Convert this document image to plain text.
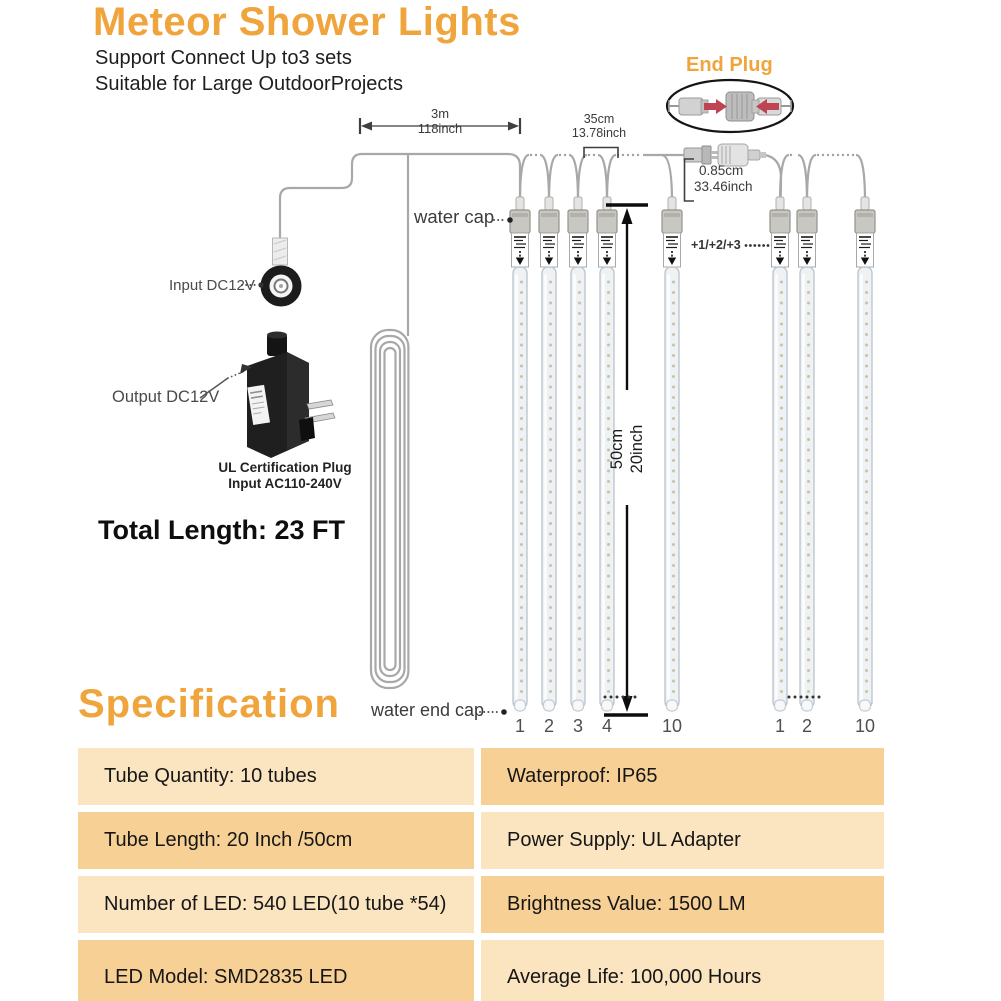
Meteor Shower Lights
Support Connect Up to3 sets
Suitable for Large OutdoorProjects
End Plug
3m
118inch
35cm
13.78inch
0.85cm
33.46inch
50cm 20inch
water cap
water end cap
Input DC12V
Output DC12V
UL Certification Plug
Input AC110-240V
Total Length: 23 FT
+1/+2/+3
1	2	3	4	10	1 2	10
Specification
Tube Quantity: 10 tubes	Waterproof: IP65
Tube Length: 20 Inch /50cm	Power Supply: UL Adapter
Number of LED: 540 LED(10 tube *54)	Brightness Value: 1500 LM
LED Model: SMD2835 LED	Average Life: 100,000 Hours
